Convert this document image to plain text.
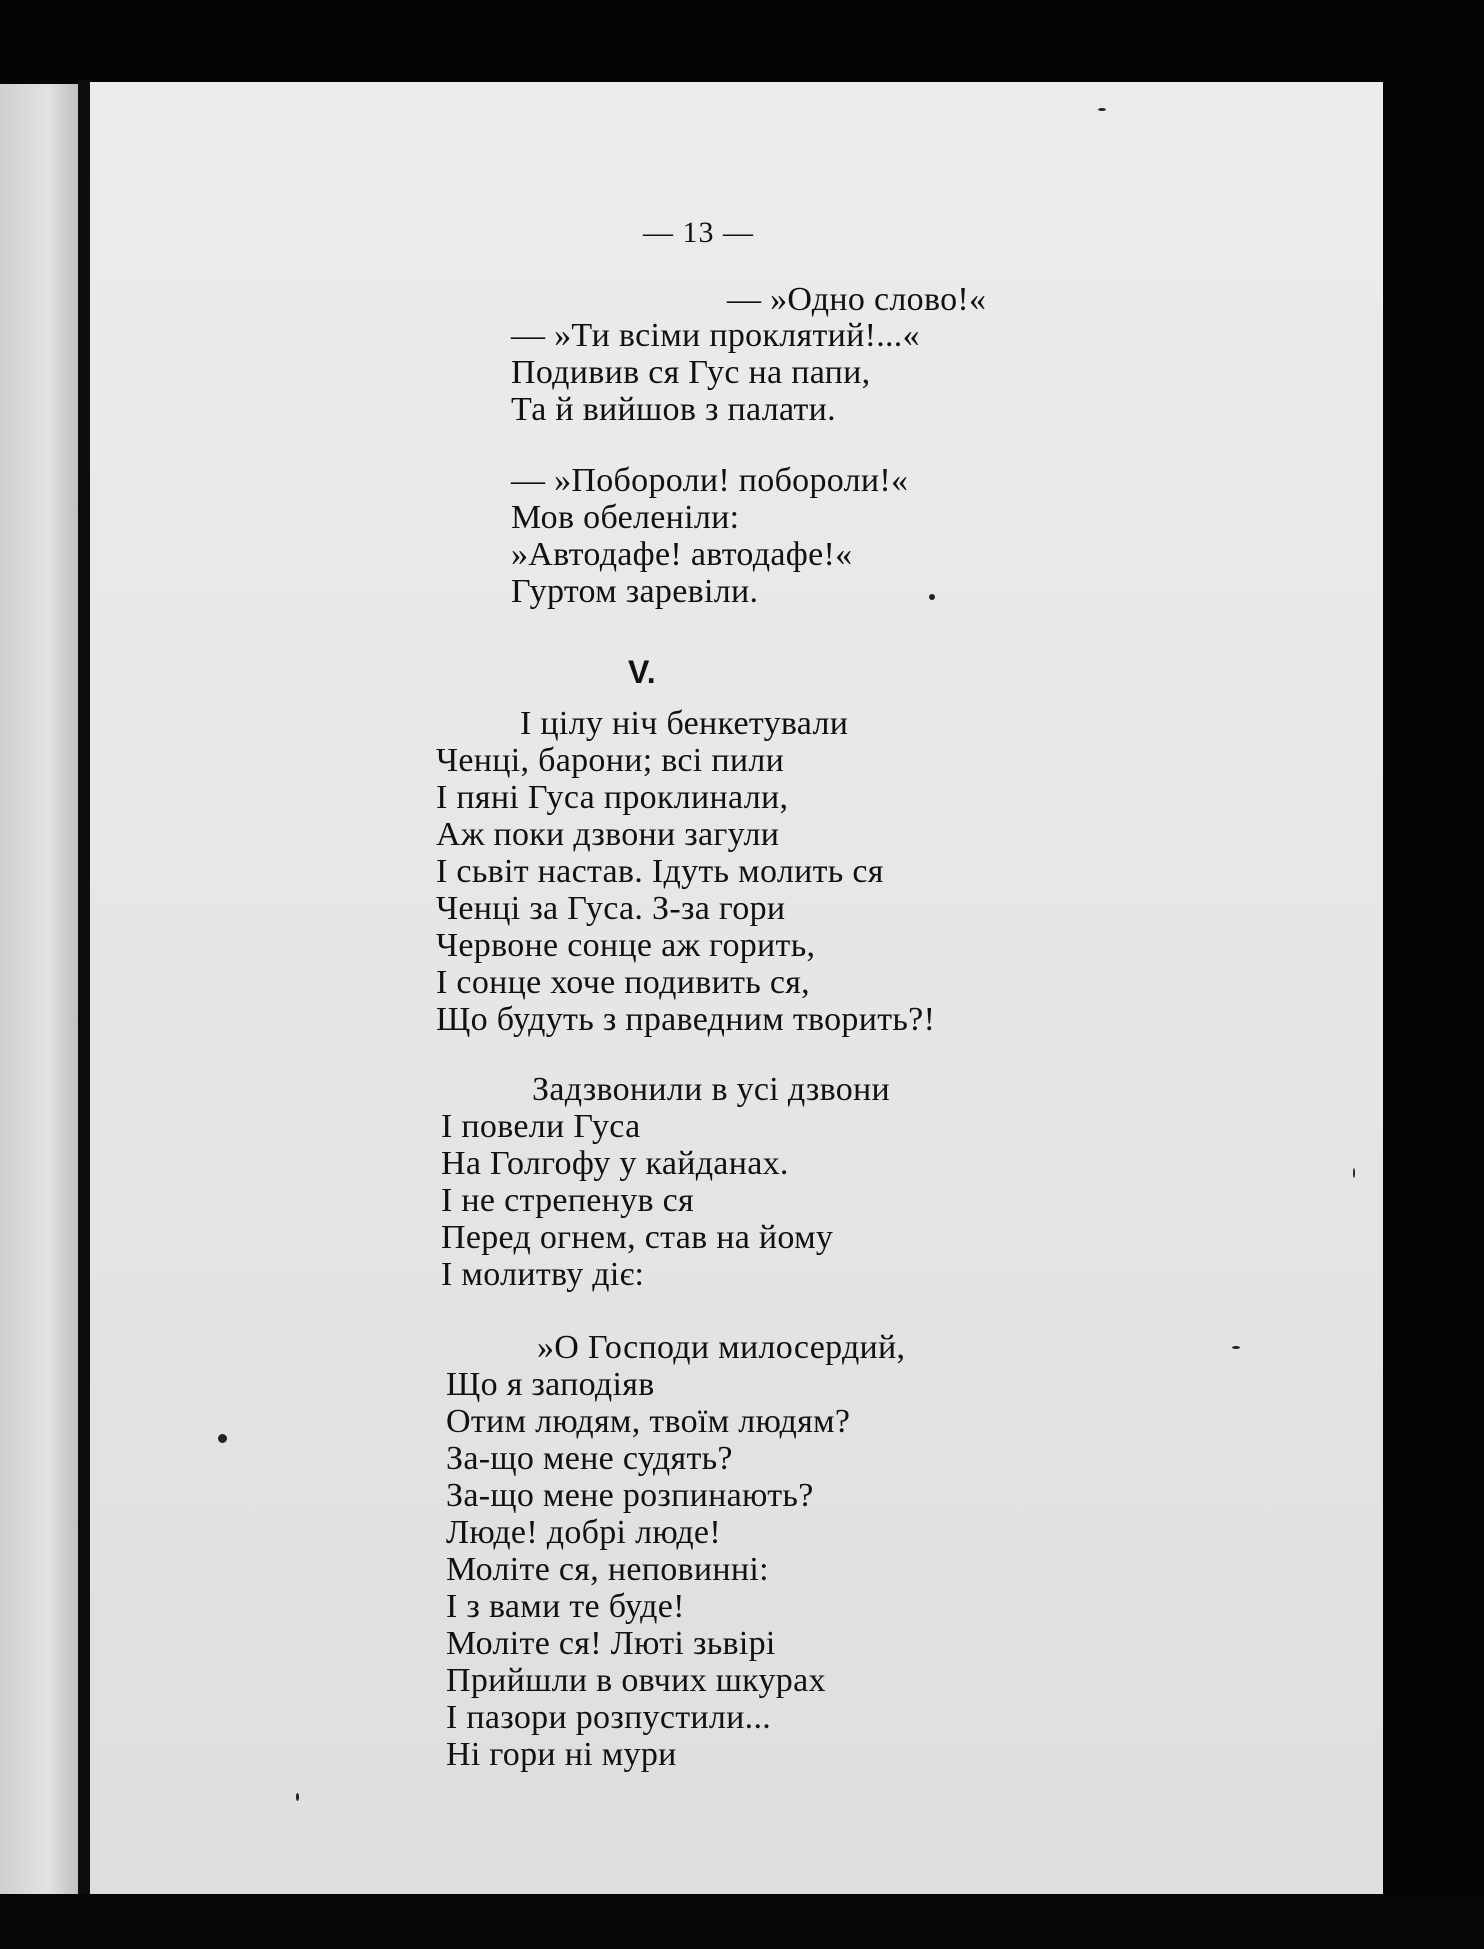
— 13 —
— »Одно слово!«
— »Ти всіми проклятий!...«
Подивив ся Гус на папи,
Та й вийшов з палати.
— »Побороли! побороли!«
Мов обеленіли:
»Автодафе! автодафе!«
Гуртом заревіли.
V.
І цілу ніч бенкетували
Ченці, барони; всі пили
І пяні Гуса проклинали,
Аж поки дзвони загули
І сьвіт настав. Ідуть молить ся
Ченці за Гуса. З-за гори
Червоне сонце аж горить,
І сонце хоче подивить ся,
Що будуть з праведним творить?!
Задзвонили в усі дзвони
І повели Гуса
На Голгофу у кайданах.
І не стрепенув ся
Перед огнем, став на йому
І молитву діє:
»О Господи милосердий,
Що я заподіяв
Отим людям, твоїм людям?
За-що мене судять?
За-що мене розпинають?
Люде! добрі люде!
Моліте ся, неповинні:
І з вами те буде!
Моліте ся! Люті зьвірі
Прийшли в овчих шкурах
І пазори розпустили...
Ні гори ні мури
